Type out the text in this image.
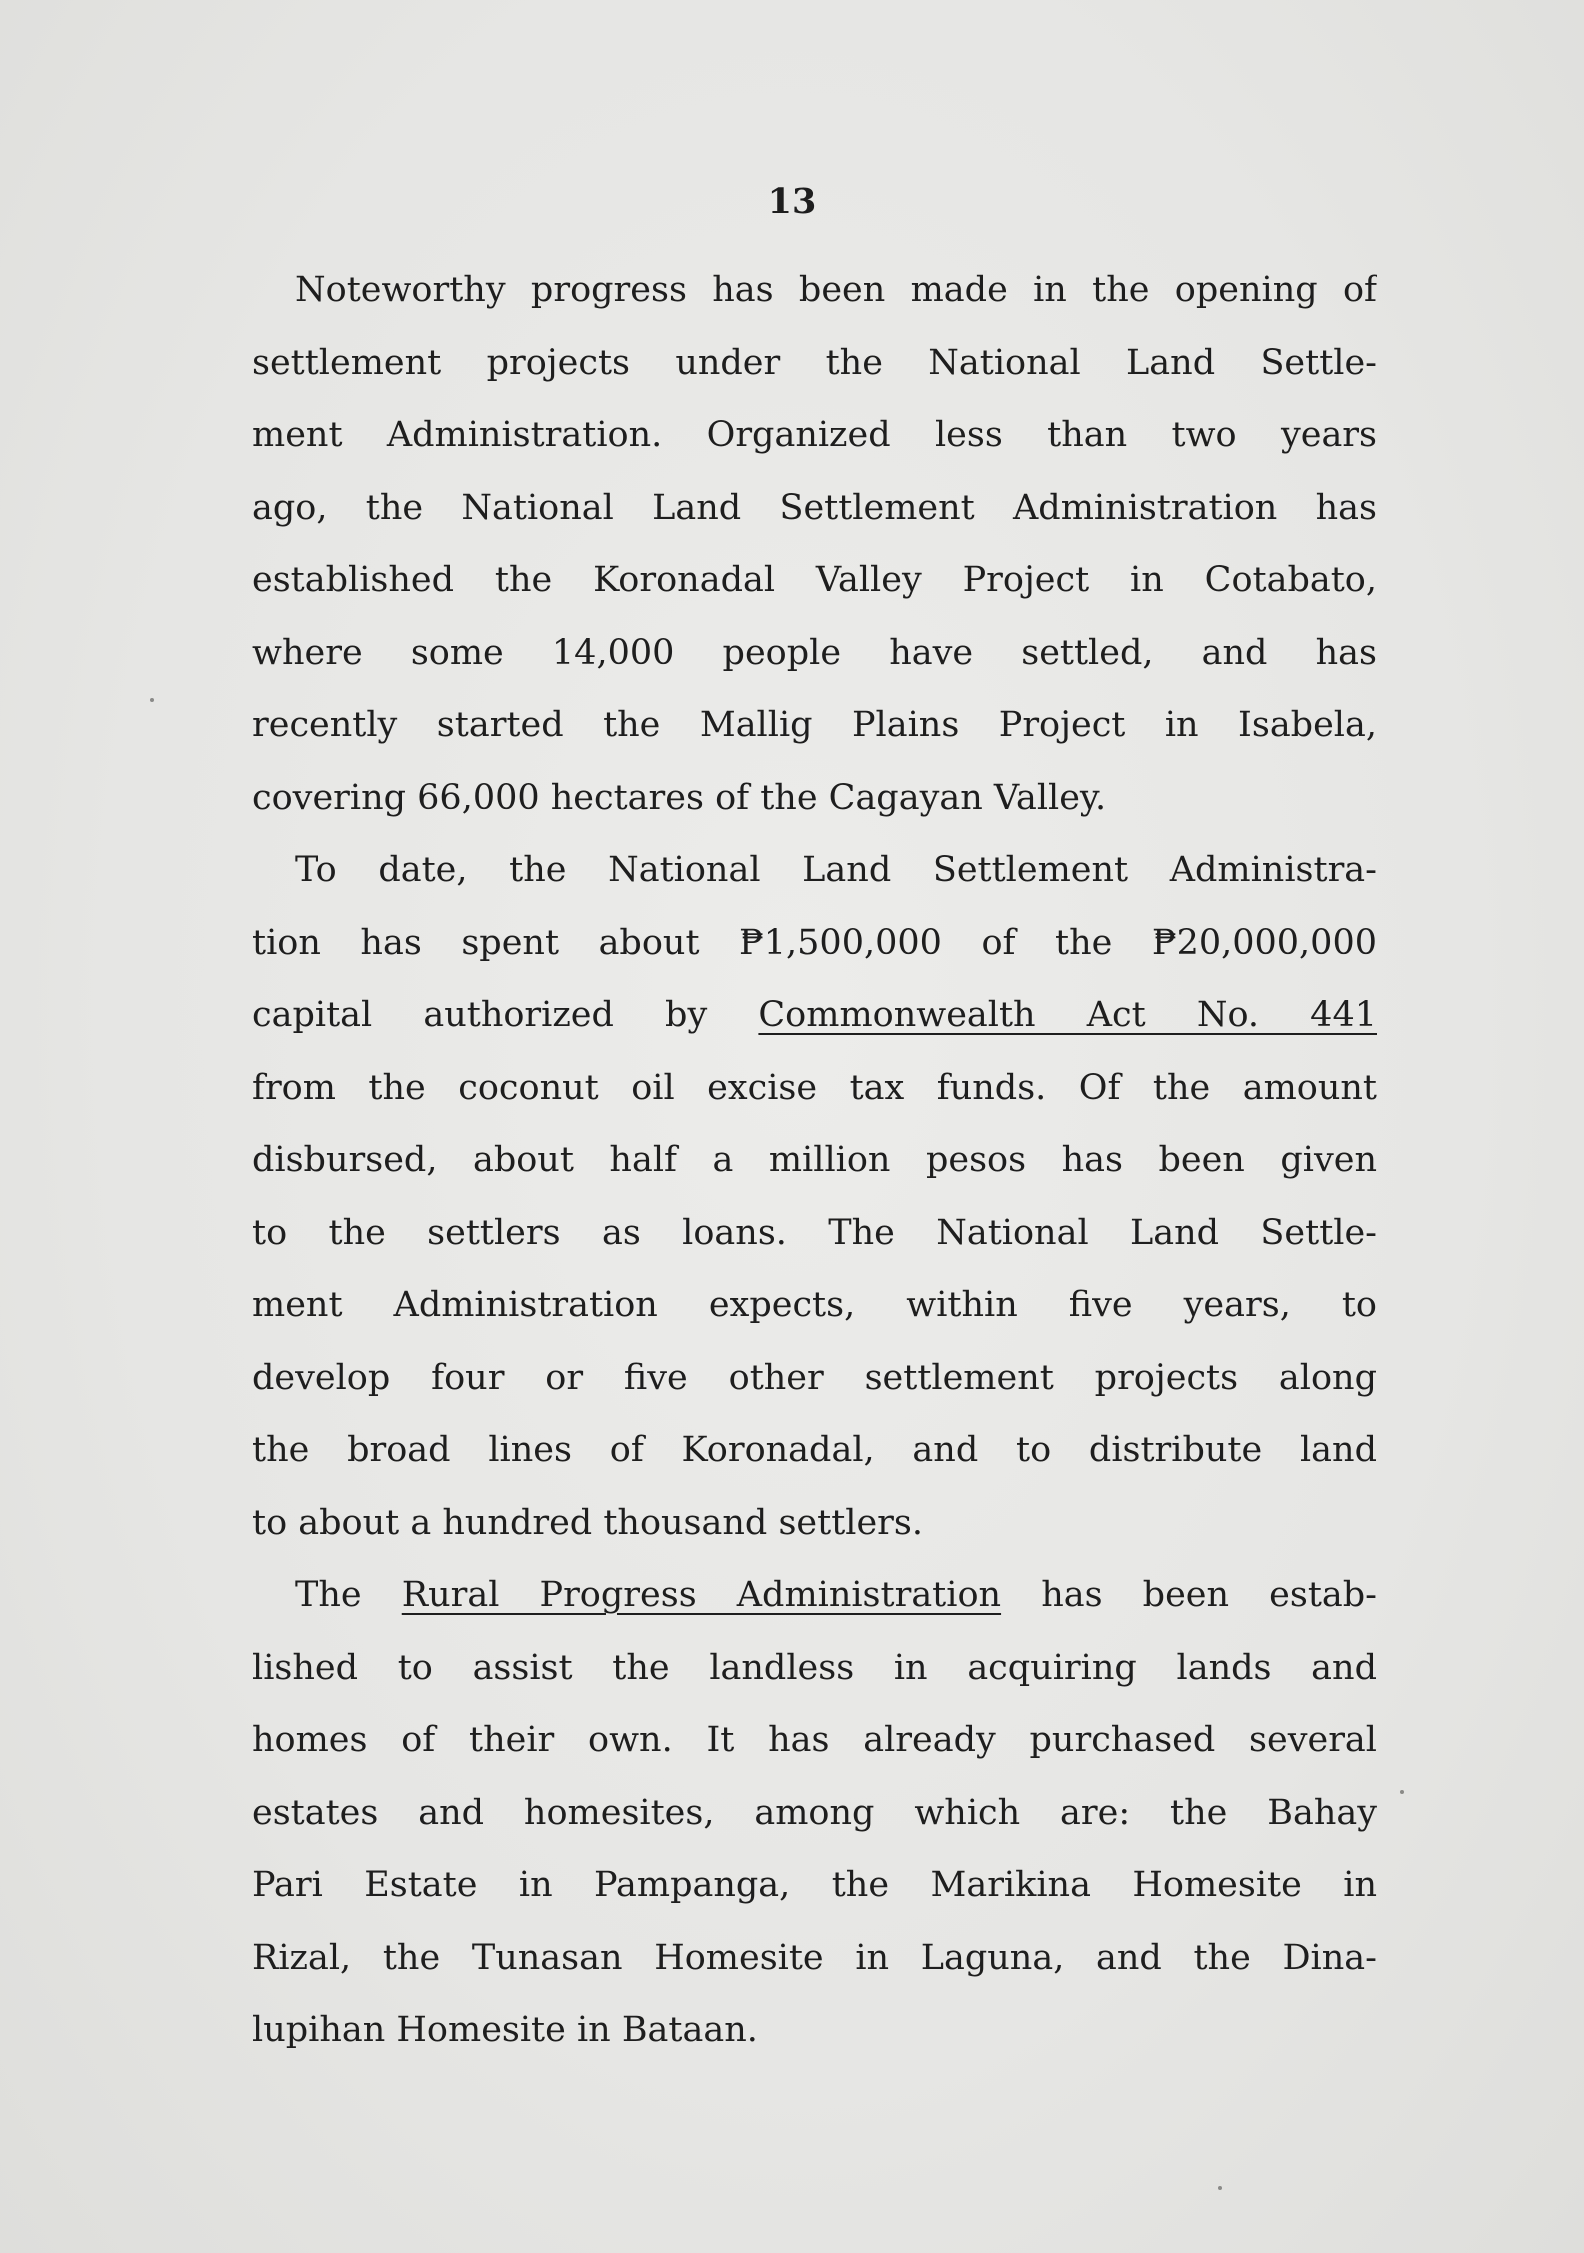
13
Noteworthy progress has been made in the opening of
settlement projects under the National Land Settle-
ment Administration. Organized less than two years
ago, the National Land Settlement Administration has
established the Koronadal Valley Project in Cotabato,
where some 14,000 people have settled, and has
recently started the Mallig Plains Project in Isabela,
covering 66,000 hectares of the Cagayan Valley.
To date, the National Land Settlement Administra-
tion has spent about ₱1,500,000 of the ₱20,000,000
capital authorized by Commonwealth Act No. 441
from the coconut oil excise tax funds. Of the amount
disbursed, about half a million pesos has been given
to the settlers as loans. The National Land Settle-
ment Administration expects, within five years, to
develop four or five other settlement projects along
the broad lines of Koronadal, and to distribute land
to about a hundred thousand settlers.
The Rural Progress Administration has been estab-
lished to assist the landless in acquiring lands and
homes of their own. It has already purchased several
estates and homesites, among which are: the Bahay
Pari Estate in Pampanga, the Marikina Homesite in
Rizal, the Tunasan Homesite in Laguna, and the Dina-
lupihan Homesite in Bataan.
